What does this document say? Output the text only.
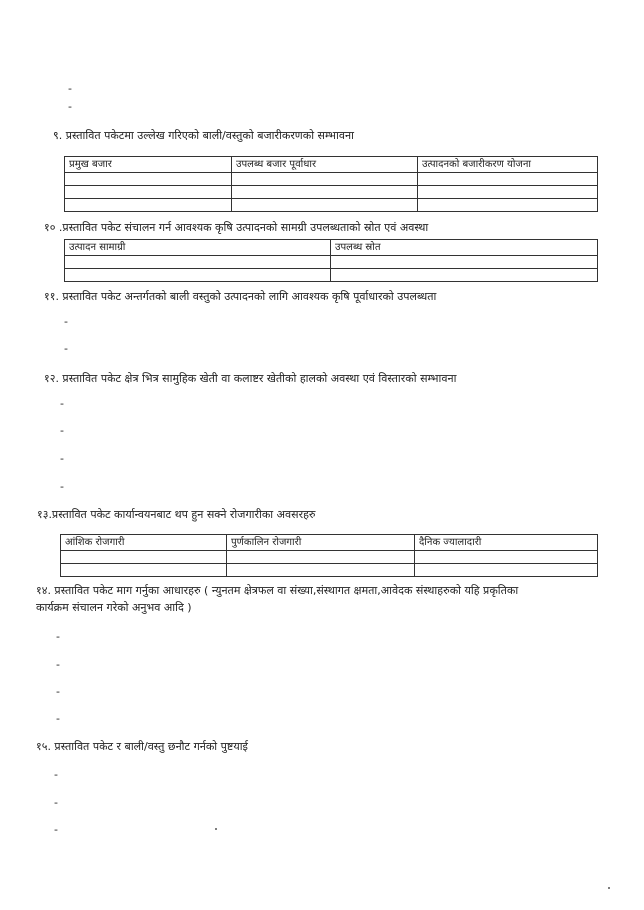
-
-
९. प्रस्तावित पकेटमा उल्लेख गरिएको बाली/वस्तुको बजारीकरणको सम्भावना
प्रमुख बजार	उपलब्ध बजार पूर्वाधार	उत्पादनको बजारीकरण योजना

१० .प्रस्तावित पकेट संचालन गर्न आवश्यक कृषि उत्पादनको सामग्री उपलब्धताको स्रोत एवं अवस्था
उत्पादन सामाग्री	उपलब्ध स्रोत

११. प्रस्तावित पकेट अन्तर्गतको बाली वस्तुको उत्पादनको लागि आवश्यक कृषि पूर्वाधारको उपलब्धता
-
-
१२. प्रस्तावित पकेट क्षेत्र भित्र सामुहिक खेती वा कलाष्टर खेतीको हालको अवस्था एवं विस्तारको सम्भावना
-
-
-
-
१३.प्रस्तावित पकेट कार्यान्वयनबाट थप हुन सक्ने रोजगारीका अवसरहरु
आंशिक रोजगारी	पुर्णकालिन रोजगारी	दैनिक ज्यालादारी

१४. प्रस्तावित पकेट माग गर्नुका आधारहरु ( न्युनतम क्षेत्रफल वा संख्या,संस्थागत क्षमता,आवेदक संस्थाहरुको यहि प्रकृतिका
कार्यक्रम संचालन गरेको अनुभव आदि )
-
-
-
-
१५. प्रस्तावित पकेट र बाली/वस्तु छनौट गर्नको पुष्टयाई
-
-
-
